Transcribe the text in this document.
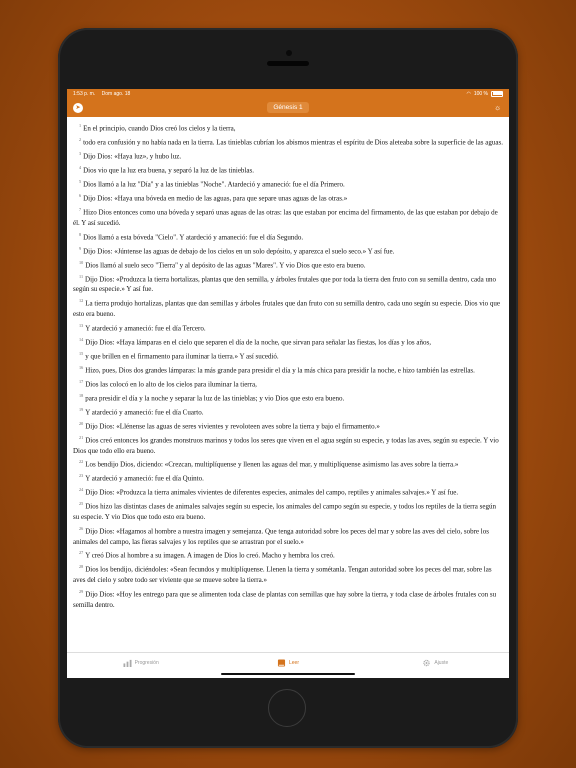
1:53 p. m. Dom ago. 18	◠ 100 %
➤	Génesis 1	☼
$^1$ En el principio, cuando Dios creó los cielos y la tierra,
$^2$ todo era confusión y no había nada en la tierra. Las tinieblas cubrían los abismos mientras el espíritu de Dios aleteaba sobre la superficie de las aguas.
$^3$ Dijo Dios: «Haya luz», y hubo luz.
$^4$ Dios vio que la luz era buena, y separó la luz de las tinieblas.
$^5$ Dios llamó a la luz "Día" y a las tinieblas "Noche". Atardeció y amaneció: fue el día Primero.
$^6$ Dijo Dios: «Haya una bóveda en medio de las aguas, para que separe unas aguas de las otras.»
$^7$ Hizo Dios entonces como una bóveda y separó unas aguas de las otras: las que estaban por encima del firmamento, de las que estaban por debajo de él. Y así sucedió.
$^8$ Dios llamó a esta bóveda "Cielo". Y atardeció y amaneció: fue el día Segundo.
$^9$ Dijo Dios: «Júntense las aguas de debajo de los cielos en un solo depósito, y aparezca el suelo seco.» Y así fue.
$^{10}$ Dios llamó al suelo seco "Tierra" y al depósito de las aguas "Mares". Y vio Dios que esto era bueno.
$^{11}$ Dijo Dios: «Produzca la tierra hortalizas, plantas que den semilla, y árboles frutales que por toda la tierra den fruto con su semilla dentro, cada uno según su especie.» Y así fue.
$^{12}$ La tierra produjo hortalizas, plantas que dan semillas y árboles frutales que dan fruto con su semilla dentro, cada uno según su especie. Dios vio que esto era bueno.
$^{13}$ Y atardeció y amaneció: fue el día Tercero.
$^{14}$ Dijo Dios: «Haya lámparas en el cielo que separen el día de la noche, que sirvan para señalar las fiestas, los días y los años,
$^{15}$ y que brillen en el firmamento para iluminar la tierra.» Y así sucedió.
$^{16}$ Hizo, pues, Dios dos grandes lámparas: la más grande para presidir el día y la más chica para presidir la noche, e hizo también las estrellas.
$^{17}$ Dios las colocó en lo alto de los cielos para iluminar la tierra,
$^{18}$ para presidir el día y la noche y separar la luz de las tinieblas; y vio Dios que esto era bueno.
$^{19}$ Y atardeció y amaneció: fue el día Cuarto.
$^{20}$ Dijo Dios: «Llénense las aguas de seres vivientes y revoloteen aves sobre la tierra y bajo el firmamento.»
$^{21}$ Dios creó entonces los grandes monstruos marinos y todos los seres que viven en el agua según su especie, y todas las aves, según su especie. Y vio Dios que todo ello era bueno.
$^{22}$ Los bendijo Dios, diciendo: «Crezcan, multiplíquense y llenen las aguas del mar, y multiplíquense asimismo las aves sobre la tierra.»
$^{23}$ Y atardeció y amaneció: fue el día Quinto.
$^{24}$ Dijo Dios: «Produzca la tierra animales vivientes de diferentes especies, animales del campo, reptiles y animales salvajes.» Y así fue.
$^{25}$ Dios hizo las distintas clases de animales salvajes según su especie, los animales del campo según su especie, y todos los reptiles de la tierra según su especie. Y vio Dios que todo esto era bueno.
$^{26}$ Dijo Dios: «Hagamos al hombre a nuestra imagen y semejanza. Que tenga autoridad sobre los peces del mar y sobre las aves del cielo, sobre los animales del campo, las fieras salvajes y los reptiles que se arrastran por el suelo.»
$^{27}$ Y creó Dios al hombre a su imagen. A imagen de Dios lo creó. Macho y hembra los creó.
$^{28}$ Dios los bendijo, diciéndoles: «Sean fecundos y multiplíquense. Llenen la tierra y sométanla. Tengan autoridad sobre los peces del mar, sobre las aves del cielo y sobre todo ser viviente que se mueve sobre la tierra.»
$^{29}$ Dijo Dios: «Hoy les entrego para que se alimenten toda clase de plantas con semillas que hay sobre la tierra, y toda clase de árboles frutales con su semilla dentro.
Progresión	Leer	Ajuste
